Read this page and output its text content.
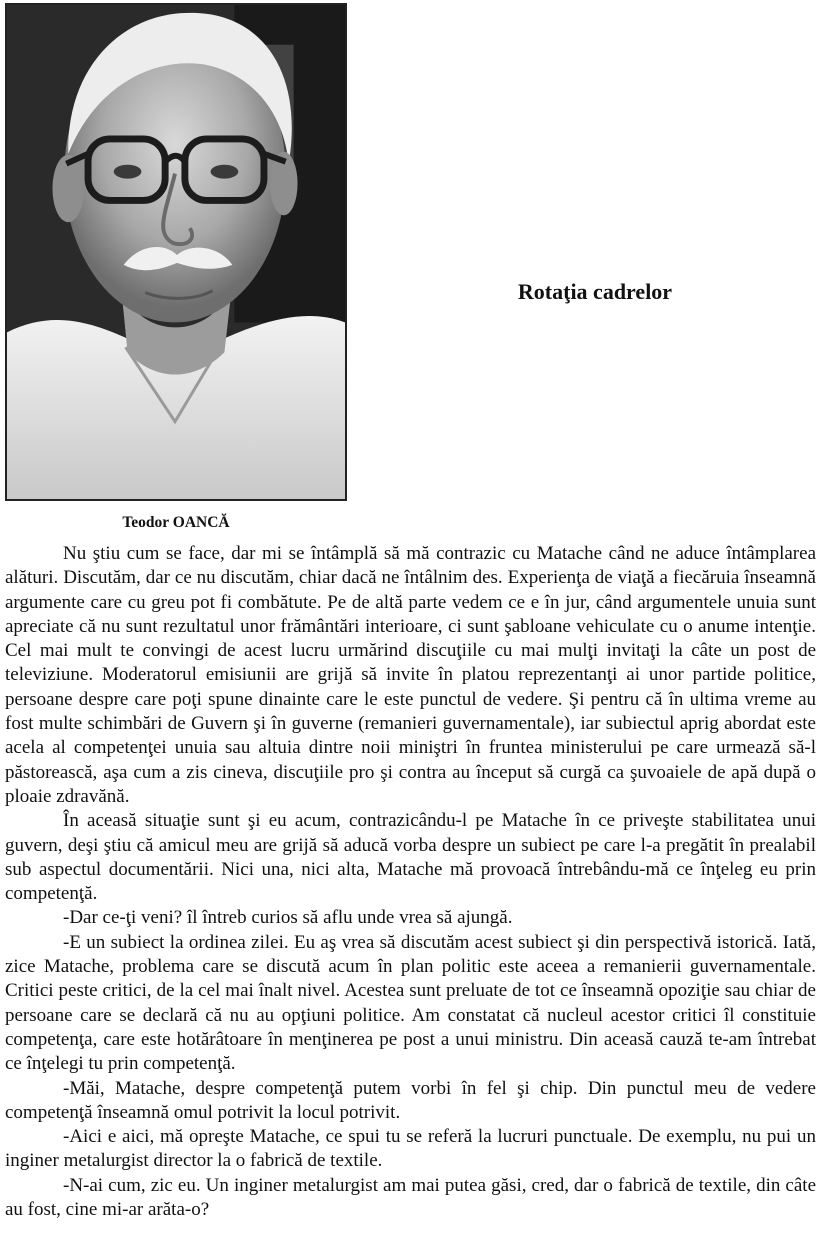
Teodor OANCĂ
Rotaţia cadrelor

Nu ştiu cum se face, dar mi se întâmplă să mă contrazic cu Matache când ne aduce întâmplarea alături. Discutăm, dar ce nu discutăm, chiar dacă ne întâlnim des. Experienţa de viaţă a fiecăruia înseamnă argumente care cu greu pot fi combătute. Pe de altă parte vedem ce e în jur, când argumentele unuia sunt apreciate că nu sunt rezultatul unor frământări interioare, ci sunt şabloane vehiculate cu o anume intenţie. Cel mai mult te convingi de acest lucru urmărind discuţiile cu mai mulţi invitaţi la câte un post de televiziune. Moderatorul emisiunii are grijă să invite în platou reprezentanţi ai unor partide politice, persoane despre care poţi spune dinainte care le este punctul de vedere. Şi pentru că în ultima vreme au fost multe schimbări de Guvern şi în guverne (remanieri guvernamentale), iar subiectul aprig abordat este acela al competenţei unuia sau altuia dintre noii miniştri în fruntea ministerului pe care urmează să-l păstorească, aşa cum a zis cineva, discuţiile pro şi contra au început să curgă ca şuvoaiele de apă după o ploaie zdravănă.

În aceasă situaţie sunt şi eu acum, contrazicându-l pe Matache în ce priveşte stabilitatea unui guvern, deşi ştiu că amicul meu are grijă să aducă vorba despre un subiect pe care l-a pregătit în prealabil sub aspectul documentării. Nici una, nici alta, Matache mă provoacă întrebându-mă ce înţeleg eu prin competenţă.

-Dar ce-ţi veni? îl întreb curios să aflu unde vrea să ajungă.

-E un subiect la ordinea zilei. Eu aş vrea să discutăm acest subiect şi din perspectivă istorică. Iată, zice Matache, problema care se discută acum în plan politic este aceea a remanierii guvernamentale. Critici peste critici, de la cel mai înalt nivel. Acestea sunt preluate de tot ce înseamnă opoziţie sau chiar de persoane care se declară că nu au opţiuni politice. Am constatat că nucleul acestor critici îl constituie competenţa, care este hotărâtoare în menţinerea pe post a unui ministru. Din aceasă cauză te-am întrebat ce înţelegi tu prin competenţă.

-Măi, Matache, despre competenţă putem vorbi în fel şi chip. Din punctul meu de vedere competenţă înseamnă omul potrivit la locul potrivit.

-Aici e aici, mă opreşte Matache, ce spui tu se referă la lucruri punctuale. De exemplu, nu pui un inginer metalurgist director la o fabrică de textile.

-N-ai cum, zic eu. Un inginer metalurgist am mai putea găsi, cred, dar o fabrică de textile, din câte au fost, cine mi-ar arăta-o?
